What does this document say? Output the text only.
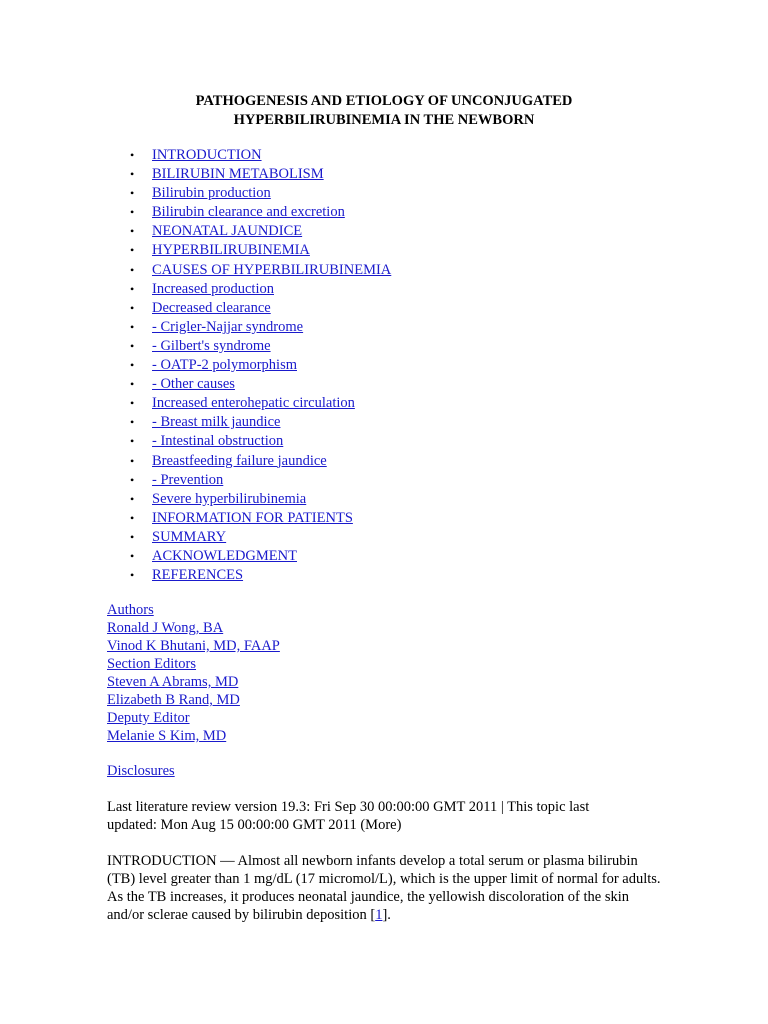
PATHOGENESIS AND ETIOLOGY OF UNCONJUGATED
HYPERBILIRUBINEMIA IN THE NEWBORN
• INTRODUCTION
• BILIRUBIN METABOLISM
• Bilirubin production
• Bilirubin clearance and excretion
• NEONATAL JAUNDICE
• HYPERBILIRUBINEMIA
• CAUSES OF HYPERBILIRUBINEMIA
• Increased production
• Decreased clearance
• - Crigler-Najjar syndrome
• - Gilbert's syndrome
• - OATP-2 polymorphism
• - Other causes
• Increased enterohepatic circulation
• - Breast milk jaundice
• - Intestinal obstruction
• Breastfeeding failure jaundice
• - Prevention
• Severe hyperbilirubinemia
• INFORMATION FOR PATIENTS
• SUMMARY
• ACKNOWLEDGMENT
• REFERENCES
Authors
Ronald J Wong, BA
Vinod K Bhutani, MD, FAAP
Section Editors
Steven A Abrams, MD
Elizabeth B Rand, MD
Deputy Editor
Melanie S Kim, MD
Disclosures
Last literature review version 19.3: Fri Sep 30 00:00:00 GMT 2011 | This topic last
updated: Mon Aug 15 00:00:00 GMT 2011 (More)
INTRODUCTION — Almost all newborn infants develop a total serum or plasma bilirubin (TB) level greater than 1 mg/dL (17 micromol/L), which is the upper limit of normal for adults. As the TB increases, it produces neonatal jaundice, the yellowish discoloration of the skin and/or sclerae caused by bilirubin deposition [1].
